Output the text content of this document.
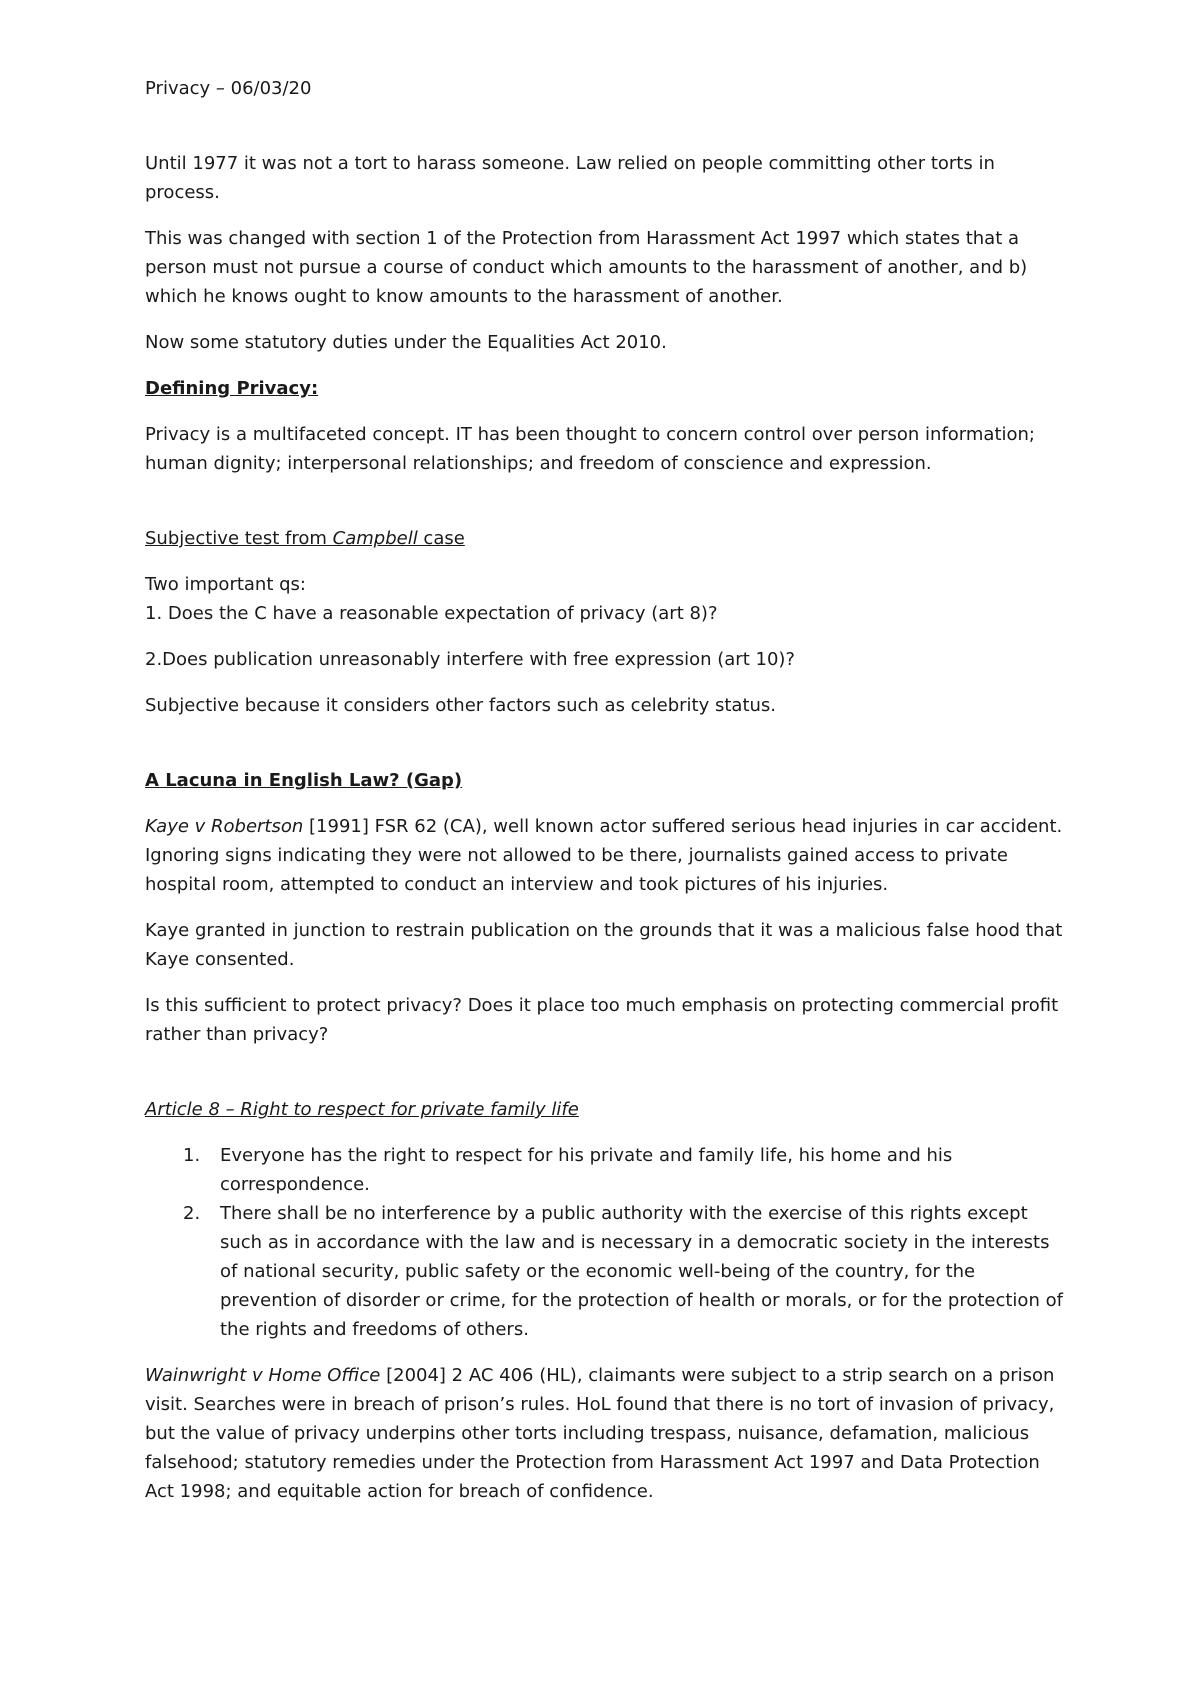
Privacy – 06/03/20

Until 1977 it was not a tort to harass someone. Law relied on people committing other torts in process.

This was changed with section 1 of the Protection from Harassment Act 1997 which states that a person must not pursue a course of conduct which amounts to the harassment of another, and b) which he knows ought to know amounts to the harassment of another.

Now some statutory duties under the Equalities Act 2010.

Defining Privacy:

Privacy is a multifaceted concept. IT has been thought to concern control over person information; human dignity; interpersonal relationships; and freedom of conscience and expression.

Subjective test from Campbell case

Two important qs:

1. Does the C have a reasonable expectation of privacy (art 8)?

2.Does publication unreasonably interfere with free expression (art 10)?

Subjective because it considers other factors such as celebrity status.

A Lacuna in English Law? (Gap)

Kaye v Robertson [1991] FSR 62 (CA), well known actor suffered serious head injuries in car accident. Ignoring signs indicating they were not allowed to be there, journalists gained access to private hospital room, attempted to conduct an interview and took pictures of his injuries.

Kaye granted in junction to restrain publication on the grounds that it was a malicious false hood that Kaye consented.

Is this sufficient to protect privacy? Does it place too much emphasis on protecting commercial profit rather than privacy?

Article 8 – Right to respect for private family life

1. Everyone has the right to respect for his private and family life, his home and his correspondence.
2. There shall be no interference by a public authority with the exercise of this rights except such as in accordance with the law and is necessary in a democratic society in the interests of national security, public safety or the economic well-being of the country, for the prevention of disorder or crime, for the protection of health or morals, or for the protection of the rights and freedoms of others.

Wainwright v Home Office [2004] 2 AC 406 (HL), claimants were subject to a strip search on a prison visit. Searches were in breach of prison’s rules. HoL found that there is no tort of invasion of privacy, but the value of privacy underpins other torts including trespass, nuisance, defamation, malicious falsehood; statutory remedies under the Protection from Harassment Act 1997 and Data Protection Act 1998; and equitable action for breach of confidence.
